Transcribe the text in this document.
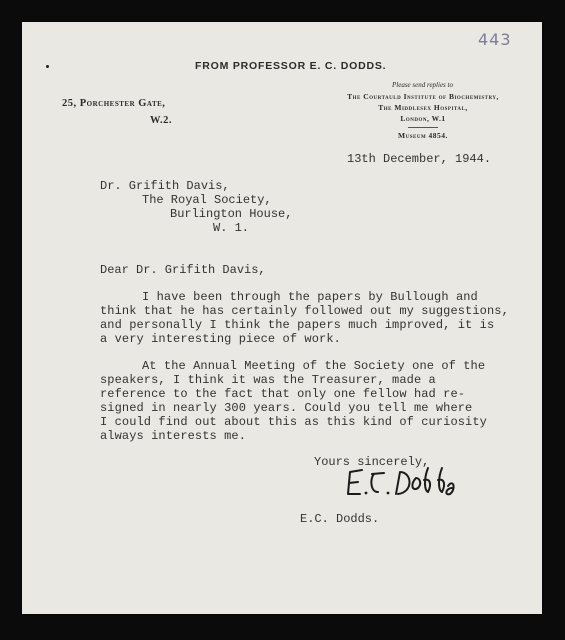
443
FROM PROFESSOR E. C. DODDS.
25, Porchester Gate,
W.2.
Please send replies to
The Courtauld Institute of Biochemistry,
The Middlesex Hospital,
London, W.1
Museum 4854.
13th December, 1944.
Dr. Grifith Davis,
The Royal Society,
Burlington House,
W. 1.
Dear Dr. Grifith Davis,
I have been through the papers by Bullough and
think that he has certainly followed out my suggestions,
and personally I think the papers much improved, it is
a very interesting piece of work.
At the Annual Meeting of the Society one of the
speakers, I think it was the Treasurer, made a
reference to the fact that only one fellow had re-
signed in nearly 300 years. Could you tell me where
I could find out about this as this kind of curiosity
always interests me.
Yours sincerely,
E.C. Dodds.
